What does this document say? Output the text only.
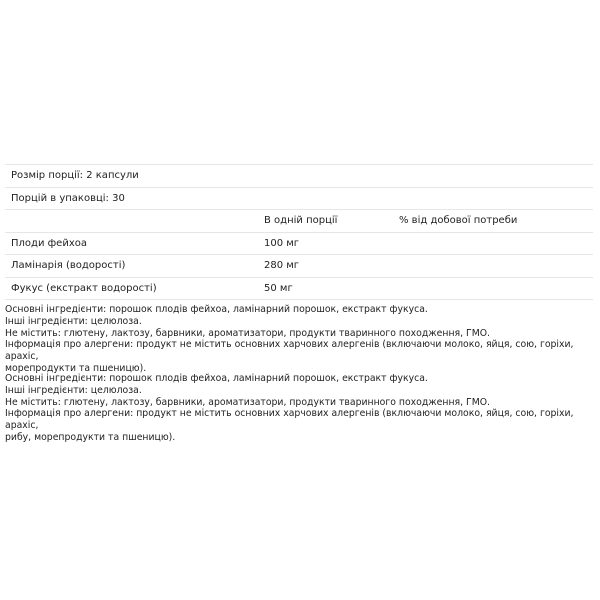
Розмір порції: 2 капсули
Порцій в упаковці: 30
В одній порції	% від добової потреби
Плоди фейхоа	100 мг
Ламінарія (водорості)	280 мг
Фукус (екстракт водорості)	50 мг

Основні інгредієнти: порошок плодів фейхоа, ламінарний порошок, екстракт фукуса.

Інші інгредієнти: целюлоза.

Не містить: глютену, лактозу, барвники, ароматизатори, продукти тваринного походження, ГМО.

Інформація про алергени: продукт не містить основних харчових алергенів (включаючи молоко, яйця, сою, горіхи, арахіс,

морепродукти та пшеницю).

Основні інгредієнти: порошок плодів фейхоа, ламінарний порошок, екстракт фукуса.

Інші інгредієнти: целюлоза.

Не містить: глютену, лактозу, барвники, ароматизатори, продукти тваринного походження, ГМО.

Інформація про алергени: продукт не містить основних харчових алергенів (включаючи молоко, яйця, сою, горіхи, арахіс,

рибу, морепродукти та пшеницю).
